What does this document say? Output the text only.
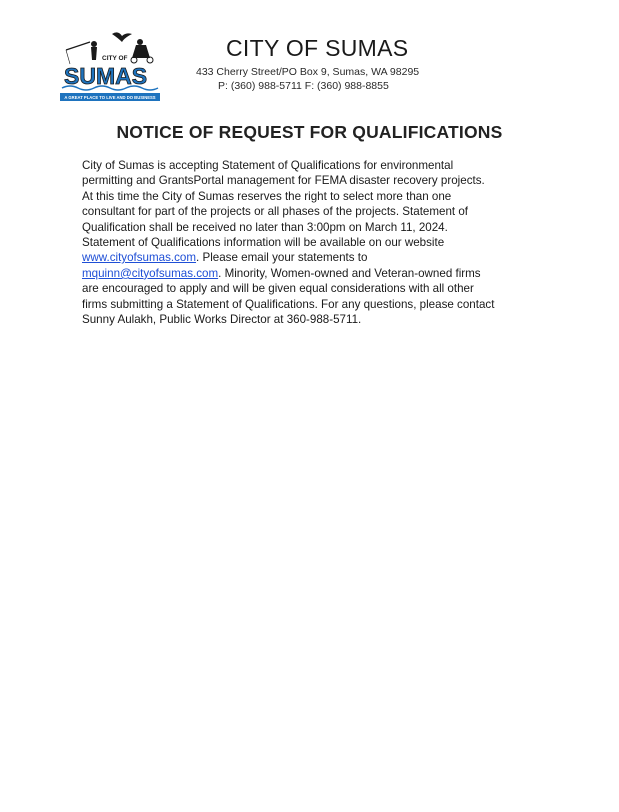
CITY OF
SUMAS
A GREAT PLACE TO LIVE AND DO BUSINESS
CITY OF SUMAS
433 Cherry Street/PO Box 9, Sumas, WA 98295
P: (360) 988-5711 F: (360) 988-8855
NOTICE OF REQUEST FOR QUALIFICATIONS

City of Sumas is accepting Statement of Qualifications for environmental

permitting and GrantsPortal management for FEMA disaster recovery projects.

At this time the City of Sumas reserves the right to select more than one

consultant for part of the projects or all phases of the projects. Statement of

Qualification shall be received no later than 3:00pm on March 11, 2024.

Statement of Qualifications information will be available on our website

www.cityofsumas.com. Please email your statements to

mquinn@cityofsumas.com. Minority, Women-owned and Veteran-owned firms

are encouraged to apply and will be given equal considerations with all other

firms submitting a Statement of Qualifications. For any questions, please contact

Sunny Aulakh, Public Works Director at 360-988-5711.
